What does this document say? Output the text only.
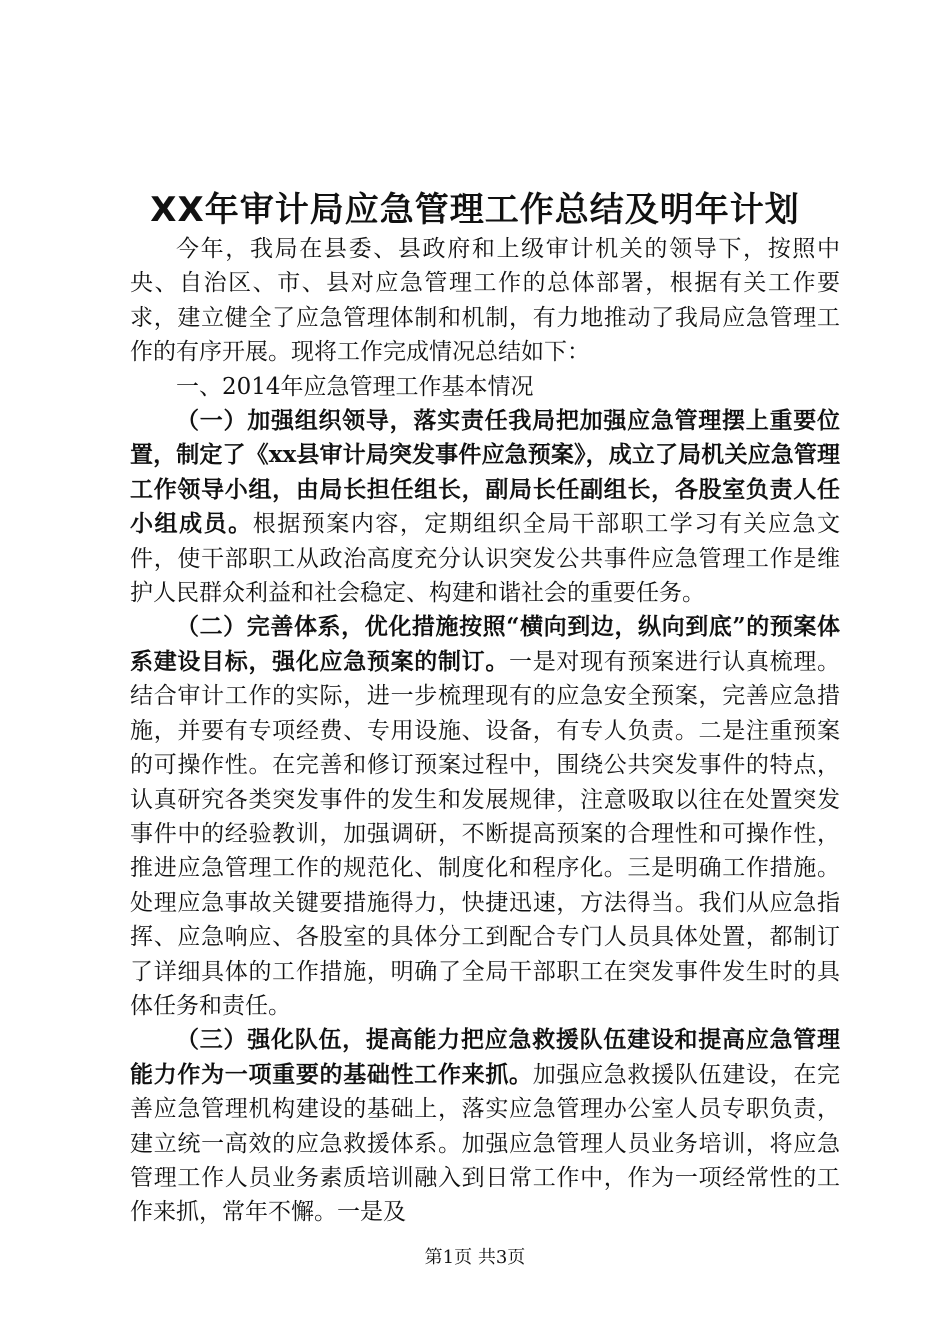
XX年审计局应急管理工作总结及明年计划

今年，我局在县委、县政府和上级审计机关的领导下，按照中央、自治区、市、县对应急管理工作的总体部署，根据有关工作要求，建立健全了应急管理体制和机制，有力地推动了我局应急管理工作的有序开展。现将工作完成情况总结如下：

一、2014年应急管理工作基本情况

（一）加强组织领导，落实责任我局把加强应急管理摆上重要位置，制定了《xx县审计局突发事件应急预案》，成立了局机关应急管理工作领导小组，由局长担任组长，副局长任副组长，各股室负责人任小组成员。根据预案内容，定期组织全局干部职工学习有关应急文件，使干部职工从政治高度充分认识突发公共事件应急管理工作是维护人民群众利益和社会稳定、构建和谐社会的重要任务。

（二）完善体系，优化措施按照“横向到边，纵向到底”的预案体系建设目标，强化应急预案的制订。一是对现有预案进行认真梳理。结合审计工作的实际，进一步梳理现有的应急安全预案，完善应急措施，并要有专项经费、专用设施、设备，有专人负责。二是注重预案的可操作性。在完善和修订预案过程中，围绕公共突发事件的特点，认真研究各类突发事件的发生和发展规律，注意吸取以往在处置突发事件中的经验教训，加强调研，不断提高预案的合理性和可操作性，推进应急管理工作的规范化、制度化和程序化。三是明确工作措施。处理应急事故关键要措施得力，快捷迅速，方法得当。我们从应急指挥、应急响应、各股室的具体分工到配合专门人员具体处置，都制订了详细具体的工作措施，明确了全局干部职工在突发事件发生时的具体任务和责任。

（三）强化队伍，提高能力把应急救援队伍建设和提高应急管理能力作为一项重要的基础性工作来抓。加强应急救援队伍建设，在完善应急管理机构建设的基础上，落实应急管理办公室人员专职负责，建立统一高效的应急救援体系。加强应急管理人员业务培训，将应急管理工作人员业务素质培训融入到日常工作中，作为一项经常性的工作来抓，常年不懈。一是及

第1页 共3页
